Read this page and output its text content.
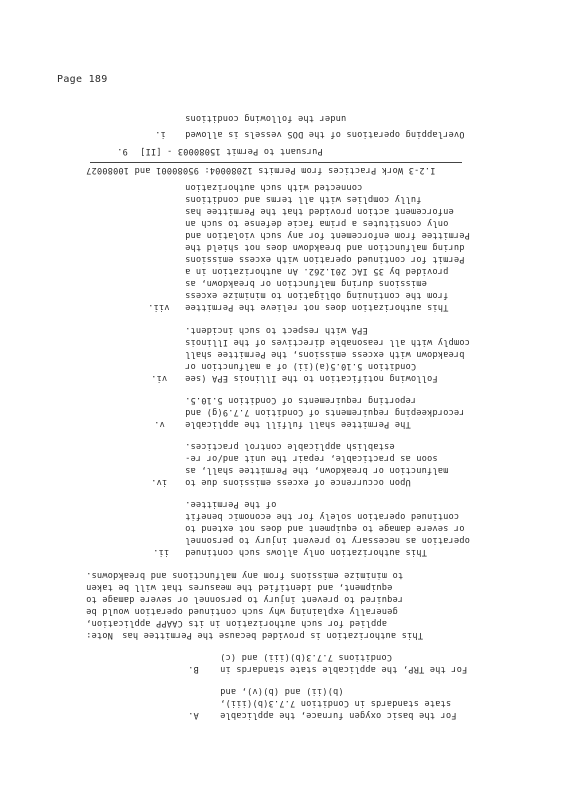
Page 189
under the following conditions
i. Overlapping operations of the DOS vessels is allowed
9. Pursuant to Permit 15080003 - [II]
I.2-3 Work Practices from Permits 12080004: 95080001 and 10080027
connected with such authorization
fully complies with all terms and conditions
enforcement action provided that the Permittee has
only constitutes a prima facie defense to such an
Permittee from enforcement for any such violation and
during malfunction and breakdown does not shield the
Permit for continued operation with excess emissions
provided by 35 IAC 201.262. An authorization in a
emissions during malfunction or breakdown, as
from the continuing obligation to minimize excess
vii. This authorization does not relieve the Permittee
EPA with respect to such incident.
comply with all reasonable directives of the Illinois
breakdown with excess emissions, the Permittee shall
Condition 5.10.5(a)(ii) of a malfunction or
vi. Following notification to the Illinois EPA (see
reporting requirements of Condition 5.10.5.
recordkeeping requirements of Condition 7.7.9(g) and
v. The Permittee shall fulfill the applicable
establish applicable control practices.
soon as practicable, repair the unit and/or re-
malfunction or breakdown, the Permittee shall, as
iv. Upon occurrence of excess emissions due to
of the Permittee.
continued operation solely for the economic benefit
or severe damage to equipment and does not extend to
operation as necessary to prevent injury to personnel
ii. This authorization only allows such continued
to minimize emissions from any malfunctions and breakdowns.
equipment, and identified the measures that will be taken
required to prevent injury to personnel or severe damage to
generally explaining why such continued operation would be
applied for such authorization in its CAAPP application,
Note: This authorization is provided because the Permittee has
Conditions 7.7.3(b)(iii) and (c)
B. For the TRP, the applicable state standards in
(b)(ii) and (b)(v), and
state standards in Condition 7.7.3(b)(iii),
A. For the basic oxygen furnace, the applicable
